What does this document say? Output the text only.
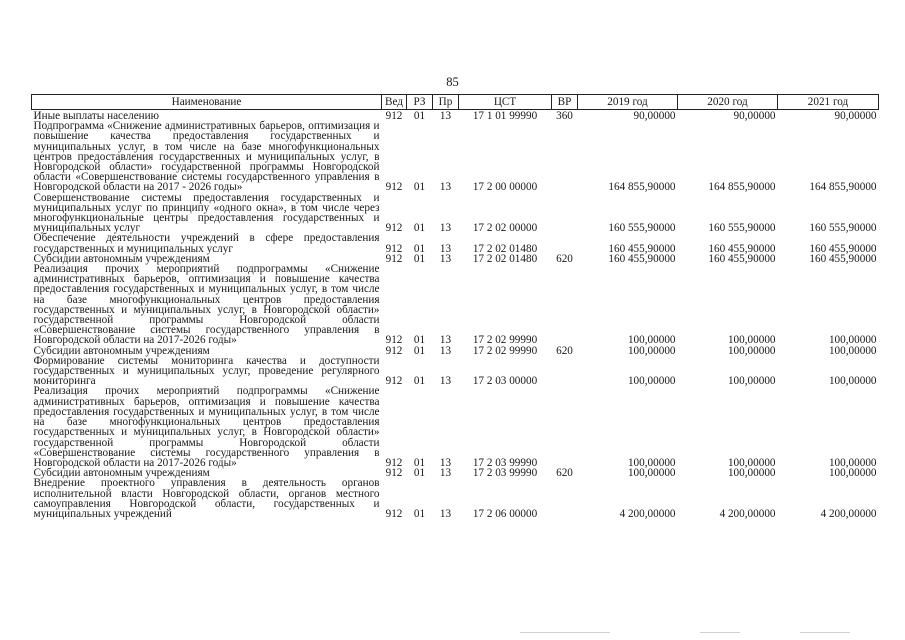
85
Наименование	Вед	РЗ	Пр	ЦСТ	ВР	2019 год	2020 год	2021 год
Иные выплаты населению	912	01	13	17 1 01 99990	360	90,00000	90,00000	90,00000
Подпрограмма «Снижение административных барьеров, оптимизация и повышение качества предоставления государственных и муниципальных услуг, в том числе на базе многофункциональных центров предоставления государственных и муниципальных услуг, в Новгородской области» государственной программы Новгородской области «Совершенствование системы государственного управления в Новгородской области на 2017 - 2026 годы»	912	01	13	17 2 00 00000		164 855,90000	164 855,90000	164 855,90000
Совершенствование системы предоставления государственных и муниципальных услуг по принципу «одного окна», в том числе через многофункциональные центры предоставления государственных и муниципальных услуг	912	01	13	17 2 02 00000		160 555,90000	160 555,90000	160 555,90000
Обеспечение деятельности учреждений в сфере предоставления государственных и муниципальных услуг	912	01	13	17 2 02 01480		160 455,90000	160 455,90000	160 455,90000
Субсидии автономным учреждениям	912	01	13	17 2 02 01480	620	160 455,90000	160 455,90000	160 455,90000
Реализация прочих мероприятий подпрограммы «Снижение административных барьеров, оптимизация и повышение качества предоставления государственных и муниципальных услуг, в том числе на базе многофункциональных центров предоставления государственных и муниципальных услуг, в Новгородской области» государственной программы Новгородской области «Совершенствование системы государственного управления в Новгородской области на 2017-2026 годы»	912	01	13	17 2 02 99990		100,00000	100,00000	100,00000
Субсидии автономным учреждениям	912	01	13	17 2 02 99990	620	100,00000	100,00000	100,00000
Формирование системы мониторинга качества и доступности государственных и муниципальных услуг, проведение регулярного мониторинга	912	01	13	17 2 03 00000		100,00000	100,00000	100,00000
Реализация прочих мероприятий подпрограммы «Снижение административных барьеров, оптимизация и повышение качества предоставления государственных и муниципальных услуг, в том числе на базе многофункциональных центров предоставления государственных и муниципальных услуг, в Новгородской области» государственной программы Новгородской области «Совершенствование системы государственного управления в Новгородской области на 2017-2026 годы»	912	01	13	17 2 03 99990		100,00000	100,00000	100,00000
Субсидии автономным учреждениям	912	01	13	17 2 03 99990	620	100,00000	100,00000	100,00000
Внедрение проектного управления в деятельность органов исполнительной власти Новгородской области, органов местного самоуправления Новгородской области, государственных и муниципальных учреждений	912	01	13	17 2 06 00000		4 200,00000	4 200,00000	4 200,00000
